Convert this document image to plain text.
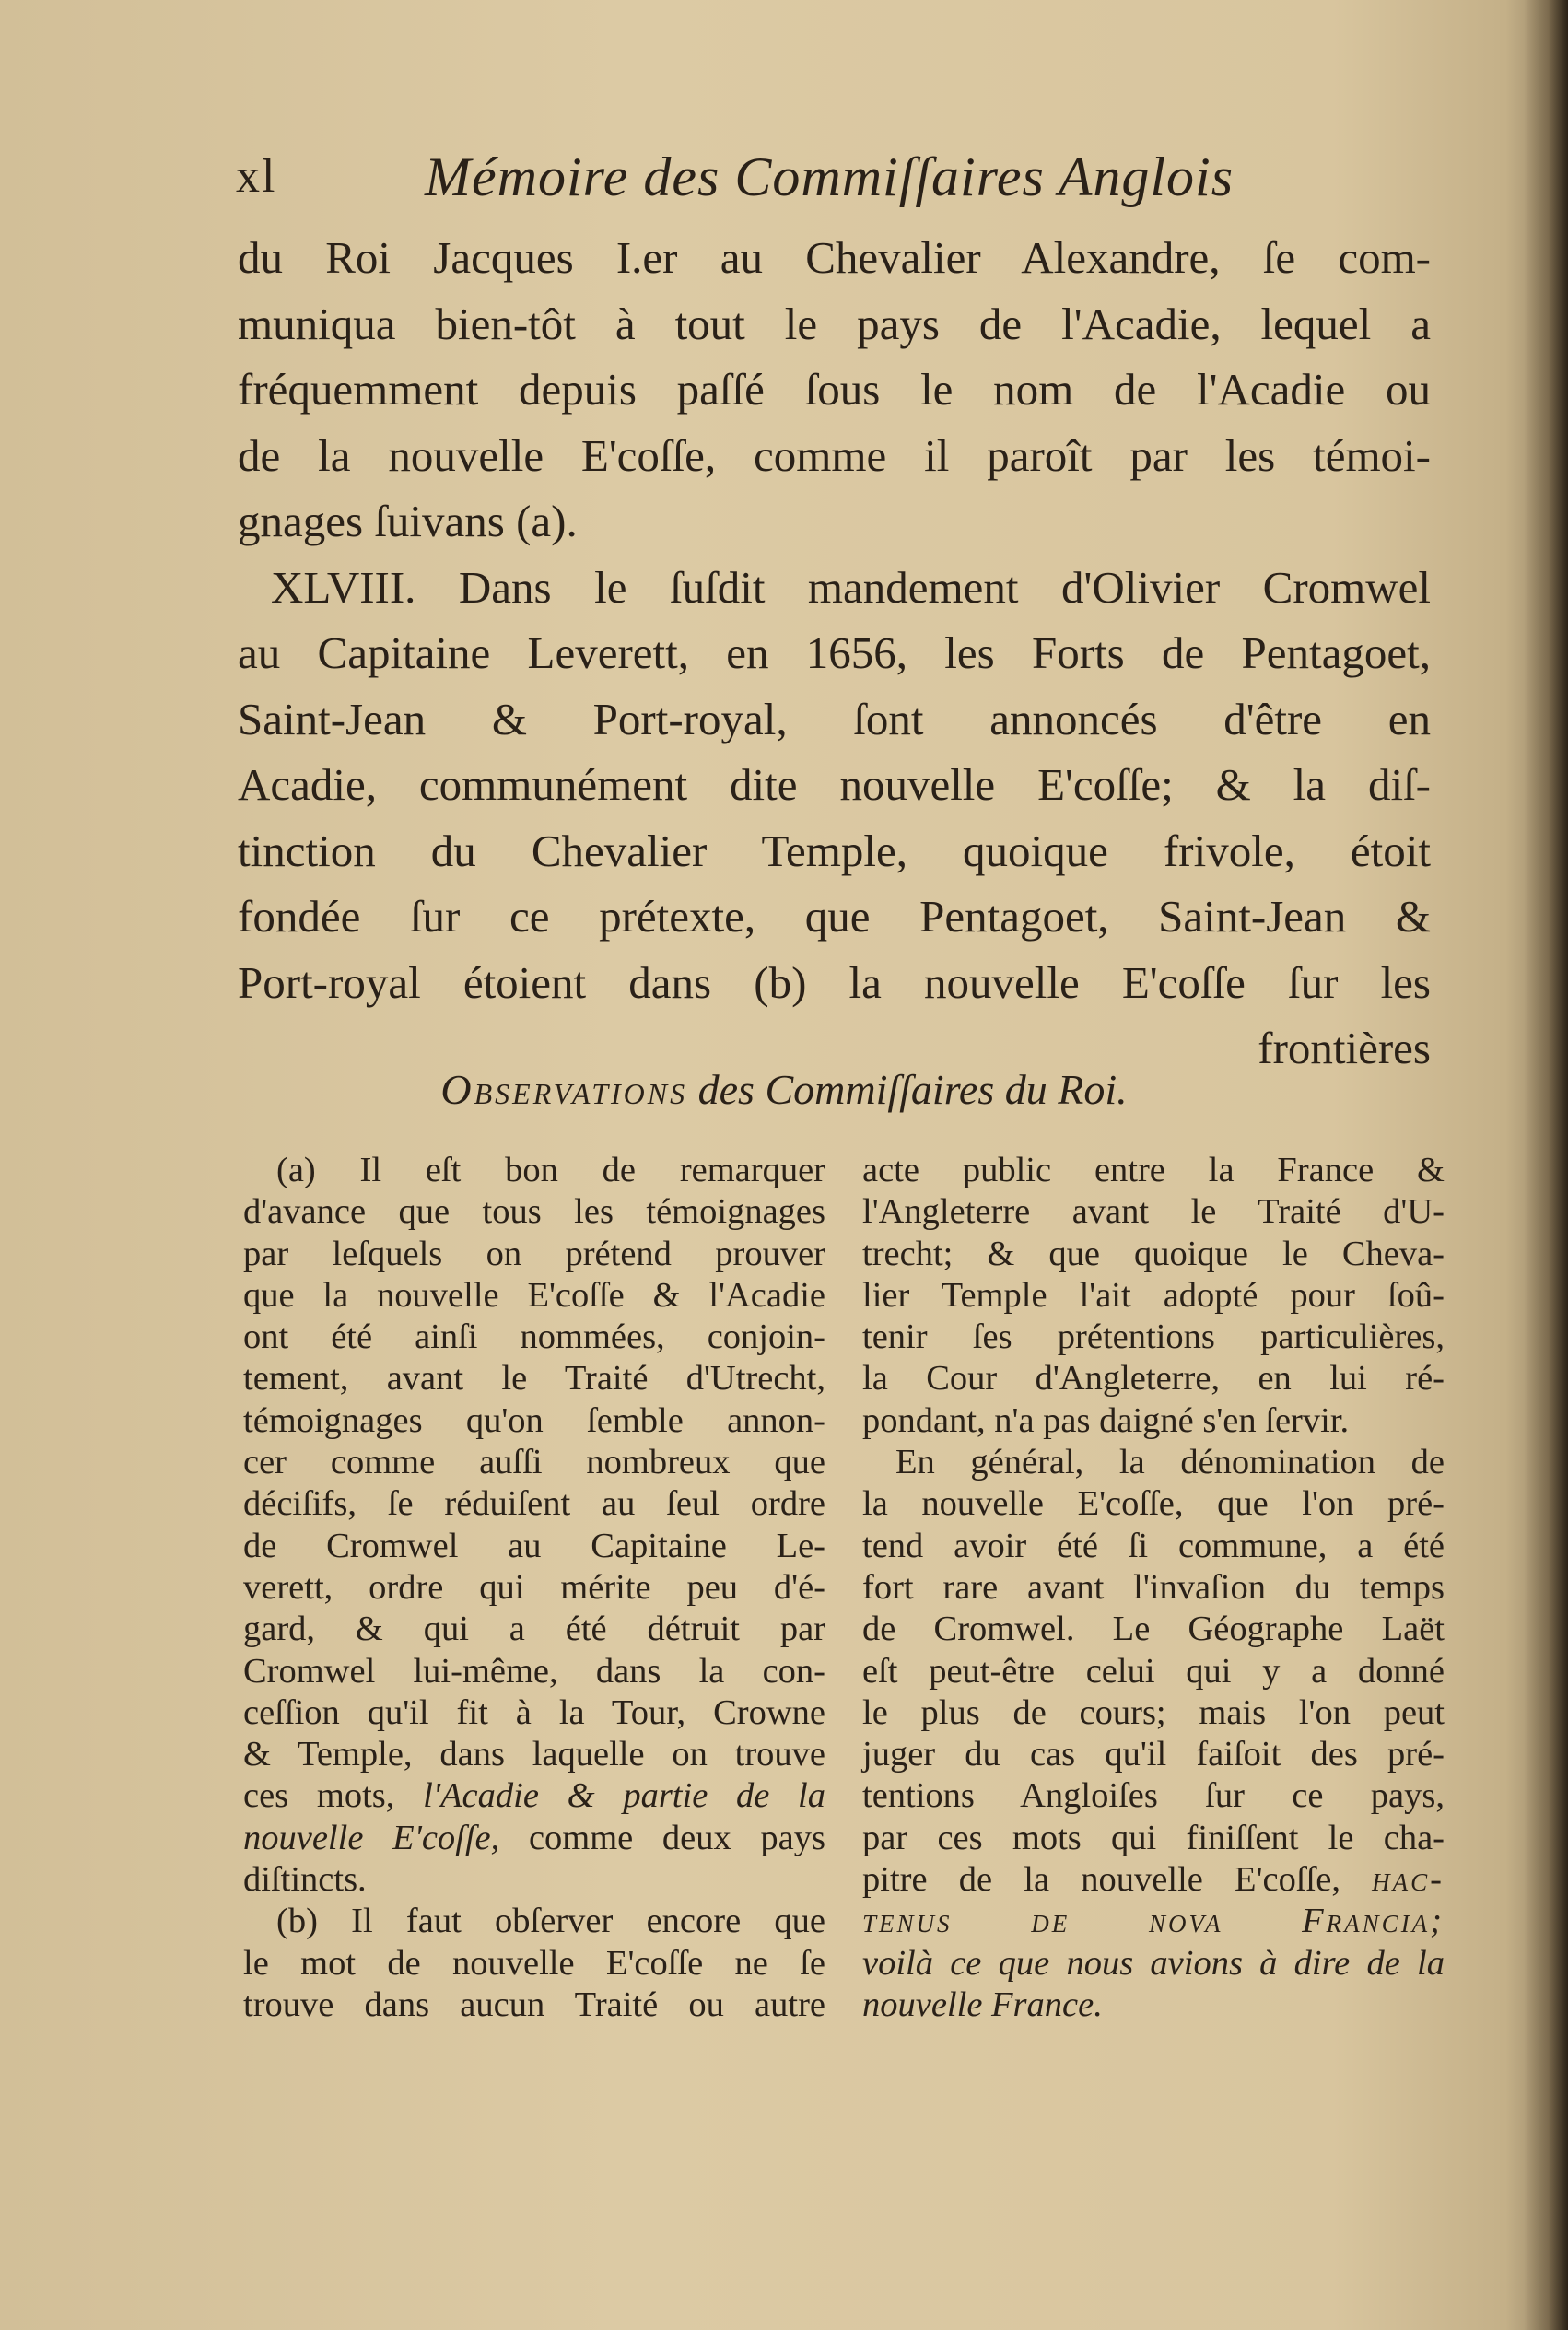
xl	Mémoire des Commiſſaires Anglois

du Roi Jacques I.er au Chevalier Alexandre, ſe com-

muniqua bien-tôt à tout le pays de l'Acadie, lequel a

fréquemment depuis paſſé ſous le nom de l'Acadie ou

de la nouvelle E'coſſe, comme il paroît par les témoi-

gnages ſuivans (a).

XLVIII. Dans le ſuſdit mandement d'Olivier Cromwel

au Capitaine Leverett, en 1656, les Forts de Pentagoet,

Saint-Jean & Port-royal, ſont annoncés d'être en

Acadie, communément dite nouvelle E'coſſe; & la diſ-

tinction du Chevalier Temple, quoique frivole, étoit

fondée ſur ce prétexte, que Pentagoet, Saint-Jean &

Port-royal étoient dans (b) la nouvelle E'coſſe ſur les

frontières

Observations des Commiſſaires du Roi.

(a) Il eſt bon de remarquer

d'avance que tous les témoignages

par leſquels on prétend prouver

que la nouvelle E'coſſe & l'Acadie

ont été ainſi nommées, conjoin-

tement, avant le Traité d'Utrecht,

témoignages qu'on ſemble annon-

cer comme auſſi nombreux que

déciſifs, ſe réduiſent au ſeul ordre

de Cromwel au Capitaine Le-

verett, ordre qui mérite peu d'é-

gard, & qui a été détruit par

Cromwel lui-même, dans la con-

ceſſion qu'il fit à la Tour, Crowne

& Temple, dans laquelle on trouve

ces mots, l'Acadie & partie de la

nouvelle E'coſſe, comme deux pays

diſtincts.

(b) Il faut obſerver encore que

le mot de nouvelle E'coſſe ne ſe

trouve dans aucun Traité ou autre

acte public entre la France &

l'Angleterre avant le Traité d'U-

trecht; & que quoique le Cheva-

lier Temple l'ait adopté pour ſoû-

tenir ſes prétentions particulières,

la Cour d'Angleterre, en lui ré-

pondant, n'a pas daigné s'en ſervir.

En général, la dénomination de

la nouvelle E'coſſe, que l'on pré-

tend avoir été ſi commune, a été

fort rare avant l'invaſion du temps

de Cromwel. Le Géographe Laët

eſt peut-être celui qui y a donné

le plus de cours; mais l'on peut

juger du cas qu'il faiſoit des pré-

tentions Angloiſes ſur ce pays,

par ces mots qui finiſſent le cha-

pitre de la nouvelle E'coſſe, hac-

tenus de nova Francia;

voilà ce que nous avions à dire de la

nouvelle France.
